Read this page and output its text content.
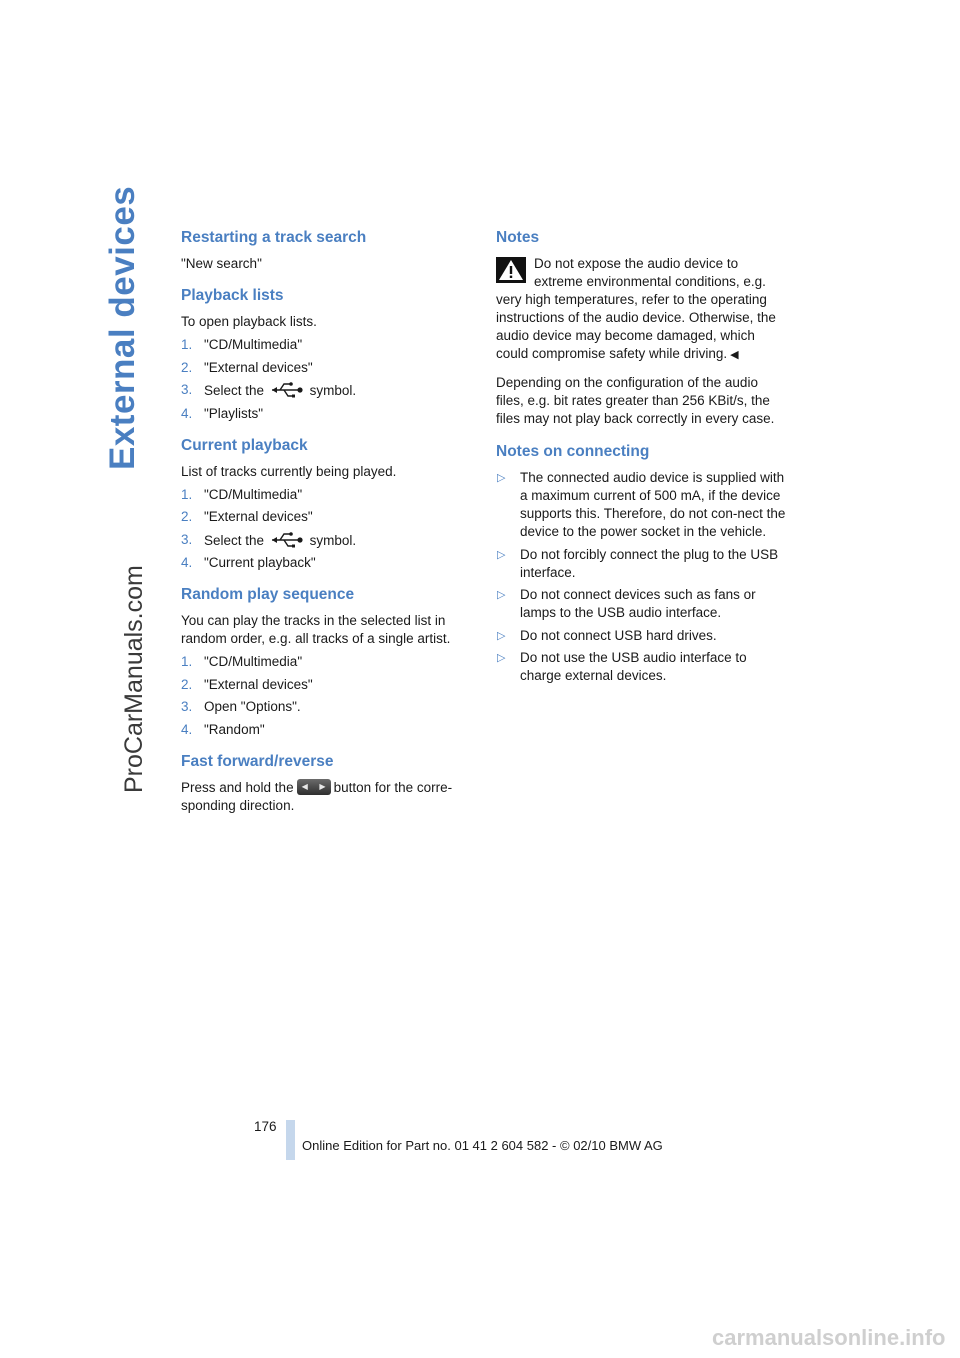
External devices
ProCarManuals.com
Restarting a track search

"New search"

Playback lists

To open playback lists.

1. "CD/Multimedia"
2. "External devices"
3. Select the	symbol.
4. "Playlists"
Current playback

List of tracks currently being played.

1. "CD/Multimedia"
2. "External devices"
3. Select the	symbol.
4. "Current playback"
Random play sequence

You can play the tracks in the selected list in random order, e.g. all tracks of a single artist.

1. "CD/Multimedia"
2. "External devices"
3. Open "Options".
4. "Random"
Fast forward/reverse

Press and hold the ◀ ▶ button for the corre-sponding direction.

Notes

Do not expose the audio device to extreme environmental conditions, e.g. very high temperatures, refer to the operating instructions of the audio device. Otherwise, the audio device may become damaged, which could compromise safety while driving. ◀

Depending on the configuration of the audio files, e.g. bit rates greater than 256 KBit/s, the files may not play back correctly in every case.

Notes on connecting
▷ The connected audio device is supplied with a maximum current of 500 mA, if the device supports this. Therefore, do not con-nect the device to the power socket in the vehicle.
▷ Do not forcibly connect the plug to the USB interface.
▷ Do not connect devices such as fans or lamps to the USB audio interface.
▷ Do not connect USB hard drives.
▷ Do not use the USB audio interface to charge external devices.
176
Online Edition for Part no. 01 41 2 604 582 - © 02/10 BMW AG
carmanualsonline.info
